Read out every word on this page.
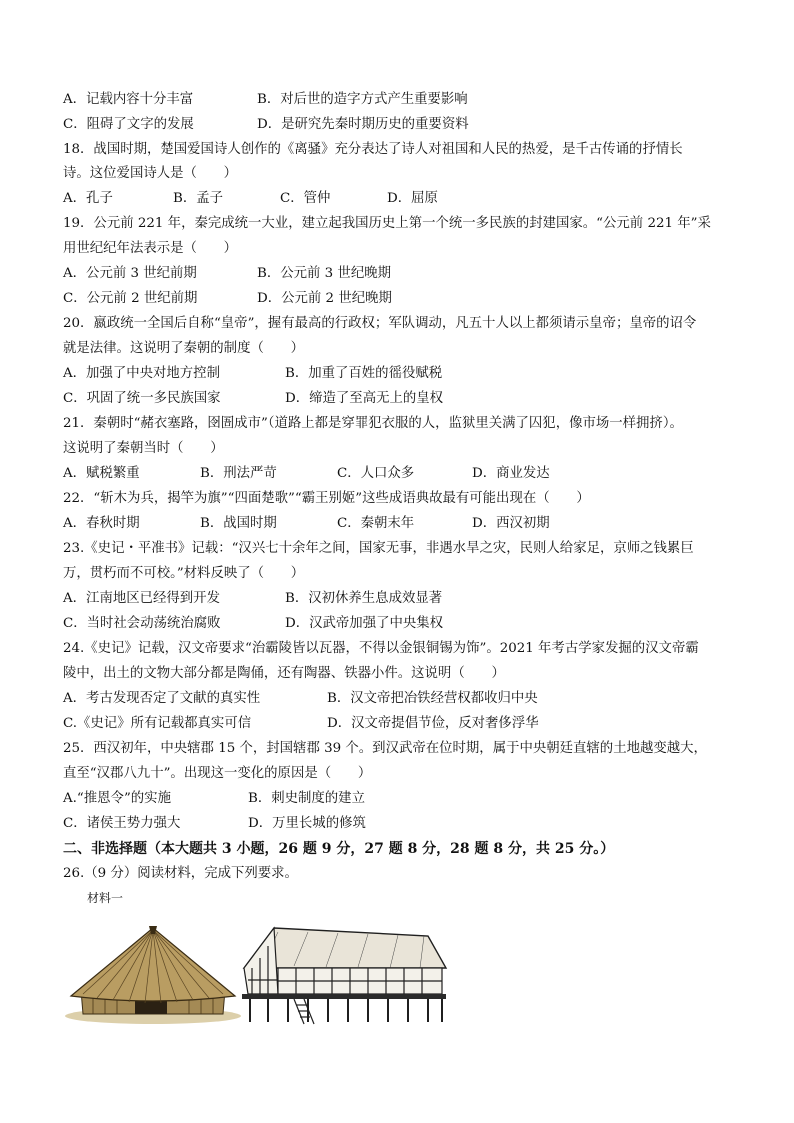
A．记载内容十分丰富	B．对后世的造字方式产生重要影响
C．阻碍了文字的发展	D．是研究先秦时期历史的重要资料
18．战国时期，楚国爱国诗人创作的《离骚》充分表达了诗人对祖国和人民的热爱，是千古传诵的抒情长
诗。这位爱国诗人是（　　）
A．孔子	B．孟子	C．管仲	D．屈原
19．公元前 221 年，秦完成统一大业，建立起我国历史上第一个统一多民族的封建国家。“公元前 221 年”采
用世纪纪年法表示是（　　）
A．公元前 3 世纪前期	B．公元前 3 世纪晚期
C．公元前 2 世纪前期	D．公元前 2 世纪晚期
20．嬴政统一全国后自称“皇帝”，握有最高的行政权；军队调动，凡五十人以上都须请示皇帝；皇帝的诏令
就是法律。这说明了秦朝的制度（　　）
A．加强了中央对地方控制	B．加重了百姓的徭役赋税
C．巩固了统一多民族国家	D．缔造了至高无上的皇权
21．秦朝时“赭衣塞路，囹圄成市”（道路上都是穿罪犯衣服的人，监狱里关满了囚犯，像市场一样拥挤）。
这说明了秦朝当时（　　）
A．赋税繁重	B．刑法严苛	C．人口众多	D．商业发达
22．“斩木为兵，揭竿为旗”“四面楚歌”“霸王别姬”这些成语典故最有可能出现在（　　）
A．春秋时期	B．战国时期	C．秦朝末年	D．西汉初期
23.《史记・平准书》记载：“汉兴七十余年之间，国家无事，非遇水旱之灾，民则人给家足，京师之钱累巨
万，贯朽而不可校。”材料反映了（　　）
A．江南地区已经得到开发	B．汉初休养生息成效显著
C．当时社会动荡统治腐败	D．汉武帝加强了中央集权
24.《史记》记载，汉文帝要求“治霸陵皆以瓦器，不得以金银铜锡为饰”。2021 年考古学家发掘的汉文帝霸
陵中，出土的文物大部分都是陶俑，还有陶器、铁器小件。这说明（　　）
A．考古发现否定了文献的真实性	B．汉文帝把冶铁经营权都收归中央
C.《史记》所有记载都真实可信	D．汉文帝提倡节俭，反对奢侈浮华
25．西汉初年，中央辖郡 15 个，封国辖郡 39 个。到汉武帝在位时期，属于中央朝廷直辖的土地越变越大，
直至“汉郡八九十”。出现这一变化的原因是（　　）
A.“推恩令”的实施	B．刺史制度的建立
C．诸侯王势力强大	D．万里长城的修筑
二、非选择题（本大题共 3 小题，26 题 9 分，27 题 8 分，28 题 8 分，共 25 分。）
26.（9 分）阅读材料，完成下列要求。
材料一
